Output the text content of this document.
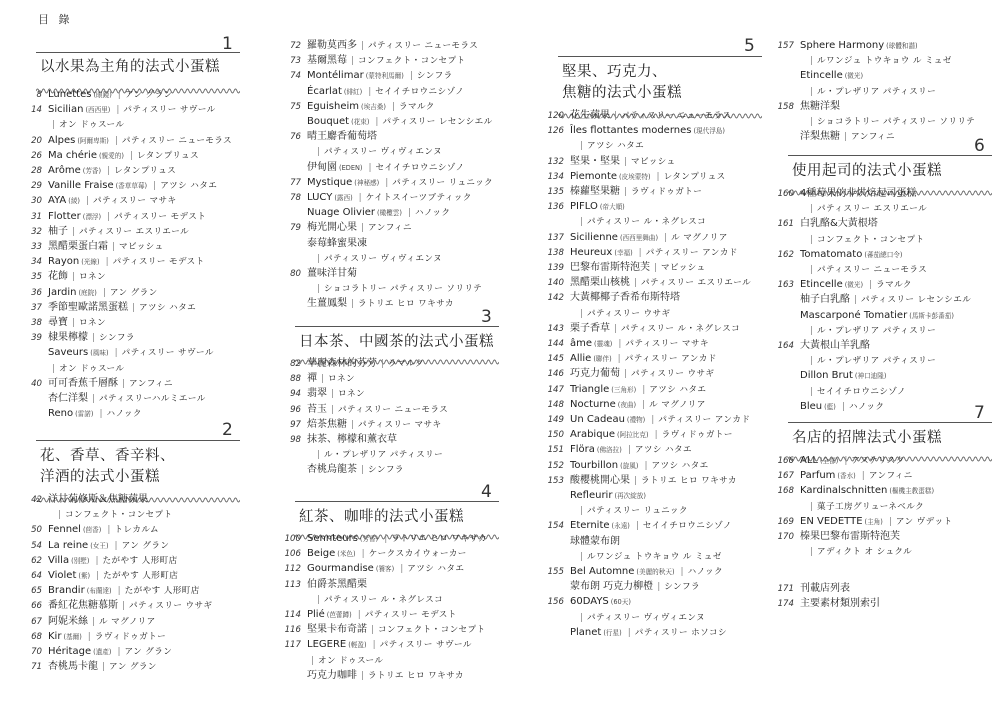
目 錄
1
以水果為主角的法式小蛋糕
8 Lunettes (眼鏡) | アン グラン
14 Sicilian (西西里) | パティスリー サヴール
| オン ドゥスール
20 Alpes (阿爾卑斯) | パティスリー ニューモラス
26 Ma chérie (親愛的) | レタンプリュス
28 Arôme (芳香) | レタンプリュス
29 Vanille Fraise (香草草莓) | アツシ ハタエ
30 AYA (綾) | パティスリー マサキ
31 Flotter (漂浮) | パティスリー モデスト
32 柚子 | パティスリー エスリエール
33 黑醋栗蛋白霜 | マビッシュ
34 Rayon (光線) | パティスリー モデスト
35 花飾 | ロネン
36 Jardin (庭院) | アン グラン
37 季節聖歐諾黑蛋糕 | アツシ ハタエ
38 尋寶 | ロネン
39 棣果檸檬 | シンフラ
Saveurs (風味) | パティスリー サヴール
| オン ドゥスール
40 可可香蕉千層酥 | アンフィニ
杏仁洋梨 | パティスリーハルミエール
Reno (雷諾) | ハノック
2
花、香草、香辛料、
洋酒的法式小蛋糕
42 洋甘菊修斯＆焦糖蘋果
| コンフェクト・コンセプト
50 Fennel (茴香) | トレカルム
54 La reine (女王) | アン グラン
62 Villa (別墅) | たがやす 人形町店
64 Violet (紫) | たがやす 人形町店
65 Brandir (布蘭達) | たがやす 人形町店
66 番紅花焦糖慕斯 | パティスリー ウサギ
67 阿妮米絲 | ル マグノリア
68 Kir (基爾) | ラヴィドゥガトー
70 Héritage (遺產) | アン グラン
71 杏桃馬卡龍 | アン グラン
72 羅勒莫西多 | パティスリー ニューモラス
73 基爾黑莓 | コンフェクト・コンセプト
74 Montélimar (蒙特利馬爾) | シンフラ
Écarlat (緋紅) | セイイチロウニシゾノ
75 Eguisheim (埃吉桑) | ラマルク
Bouquet (花束) | パティスリー レセンシエル
76 晴王麝香葡萄塔
| パティスリー ヴィヴィエンヌ
伊甸園 (EDEN) | セイイチロウニシゾノ
77 Mystique (神秘感) | パティスリー リュニック
78 LUCY (露西) | ケイトスイーツブティック
Nuage Olivier (橄欖雲) | ハノック
79 梅光開心果 | アンフィニ
泰莓蜂蜜果凍
| パティスリー ヴィヴィエンヌ
80 薑味洋甘菊
| ショコラトリー パティスリー ソリリテ
生薑鳳梨 | ラトリエ ヒロ ワキサカ
3
日本茶、中國茶的法式小蛋糕
82 華麗森林的芬芳 | ラマルク
88 禪 | ロネン
94 翡翠 | ロネン
96 苔玉 | パティスリー ニューモラス
97 焙茶焦糖 | パティスリー マサキ
98 抹茶、檸檬和薰衣草
| ル・プレザリア パティスリー
杏桃烏龍茶 | シンフラ
4
紅茶、咖啡的法式小蛋糕
100 Sennteurs (芳香) | ラトリエ ヒロ ワキサカ
106 Beige (米色) | ケークスカイウォーカー
112 Gourmandise (饕客) | アツシ ハタエ
113 伯爵茶黑醋栗
| パティスリー ル・ネグレスコ
114 Plié (芭蕾蹲) | パティスリー モデスト
116 堅果卡布奇諾 | コンフェクト・コンセプト
117 LEGERE (輕盈) | パティスリー サヴール
| オン ドゥスール
巧克力咖啡 | ラトリエ ヒロ ワキサカ
5
堅果、巧克力、
焦糖的法式小蛋糕
120 花生蘋果 | パティスリー ニューモラス
126 Îles flottantes modernes (現代浮島)
| アツシ ハタエ
132 堅果・堅果 | マビッシュ
134 Piemonte (皮埃蒙特) | レタンプリュス
135 榛蘿堅果糖 | ラヴィドゥガトー
136 PIFLO (帝大順)
| パティスリー ル・ネグレスコ
137 Sicilienne (西西里舞曲) | ル マグノリア
138 Heureux (幸福) | パティスリー アンカド
139 巴黎布雷斯特泡芙 | マビッシュ
140 黑醋栗山核桃 | パティスリー エスリエール
142 大黃椰椰子香希布斯特塔
| パティスリー ウサギ
143 栗子香草 | パティスリー ル・ネグレスコ
144 âme (靈魂) | パティスリー マサキ
145 Allie (聯伴) | パティスリー アンカド
146 巧克力葡萄 | パティスリー ウサギ
147 Triangle (三角形) | アツシ ハタエ
148 Nocturne (夜曲) | ル マグノリア
149 Un Cadeau (禮物) | パティスリー アンカド
150 Arabique (阿拉比克) | ラヴィドゥガトー
151 Flöra (佛洛拉) | アツシ ハタエ
152 Tourbillon (旋風) | アツシ ハタエ
153 酸櫻桃開心果 | ラトリエ ヒロ ワキサカ
Refleurir (再次綻放)
| パティスリー リュニック
154 Eternite (永遠) | セイイチロウニシゾノ
球體蒙布朗
| ルワンジュ トウキョウ ル ミュゼ
155 Bel Automne (美麗的秋天) | ハノック
蒙布朗 巧克力柳橙 | シンフラ
156 60DAYS (60天)
| パティスリー ヴィヴィエンヌ
Planet (行星) | パティスリー ホソコシ
157 Sphere Harmony (球體和諧)
| ルワンジュ トウキョウ ル ミュゼ
Etincelle (微光)
| ル・プレザリア パティスリー
158 焦糖洋梨
| ショコラトリー パティスリー ソリリテ
洋梨焦糖 | アンフィニ	6
使用起司的法式小蛋糕
160 4種莓果的非烘焙起司蛋糕
| パティスリー エスリエール
161 白乳酪&大黃根塔
| コンフェクト・コンセプト
162 Tomatomato (蕃茄總口令)
| パティスリー ニューモラス
163 Etincelle (微光) | ラマルク
柚子白乳酪 | パティスリー レセンシエル
Mascarponé Tomatier (馬斯卡彭番茄)
| ル・プレザリア パティスリー
164 大黃根山羊乳酪
| ル・プレザリア パティスリー
Dillon Brut (神口迪隆)
| セイイチロウニシゾノ
Bleu (藍) | ハノック	7
名店的招牌法式小蛋糕
166 ALL (全部) | アステリスク
167 Parfum (香水) | アンフィニ
168 Kardinalschnitten (樞機主教蛋糕)
| 菓子工房グリューネベルク
169 EN VEDETTE (主角) | アン ヴデット
170 榛果巴黎布雷斯特泡芙
| アディクト オ シュクル
171 刊載店列表
174 主要素材類別索引
